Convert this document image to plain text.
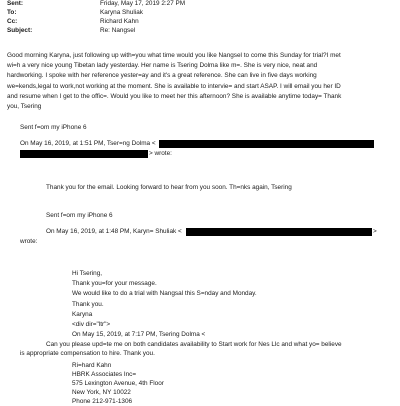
Sent:	Friday, May 17, 2019 2:27 PM
To:	Karyna Shuliak
Cc:	Richard Kahn
Subject:	Re: Nangsel
Good morning Karyna, just following up with=you what time would you like Nangsel to come this Sunday for trial?I met
wi=h a very nice young Tibetan lady yesterday. Her name is Tsering Dolma like m=. She is very nice, neat and
hardworking. I spoke with her reference yester=ay and it's a great reference. She can live in five days working
we=kends,legal to work,not working at the moment. She is available to intervie= and start ASAP. I will email you her ID
and resume when I get to the offic=. Would you like to meet her this afternoon? She is available anytime today= Thank
you, Tsering
Sent f=om my iPhone 6
On May 16, 2019, at 1:51 PM, Tser=ng Dolma <
> wrote:
Thank you for the email. Looking forward to hear from you soon. Th=nks again, Tsering
Sent f=om my iPhone 6
On May 16, 2019, at 1:48 PM, Karyn= Shuliak <	>
wrote:
Hi Tsering,
Thank you=for your message.
We would like to do a trial with Nangsal this S=nday and Monday.
Thank you.
Karyna
<div dir="ltr">
On May 15, 2019, at 7:17 PM, Tsering Dolma <
Can you please upd=te me on both candidates availability to Start work for Nes Llc and what yo= believe
is appropriate compensation to hire. Thank you.
Ri=hard Kahn
HBRK Associates Inc=
575 Lexington Avenue, 4th Floor
New York, NY 10022
Phone 212-971-1306
